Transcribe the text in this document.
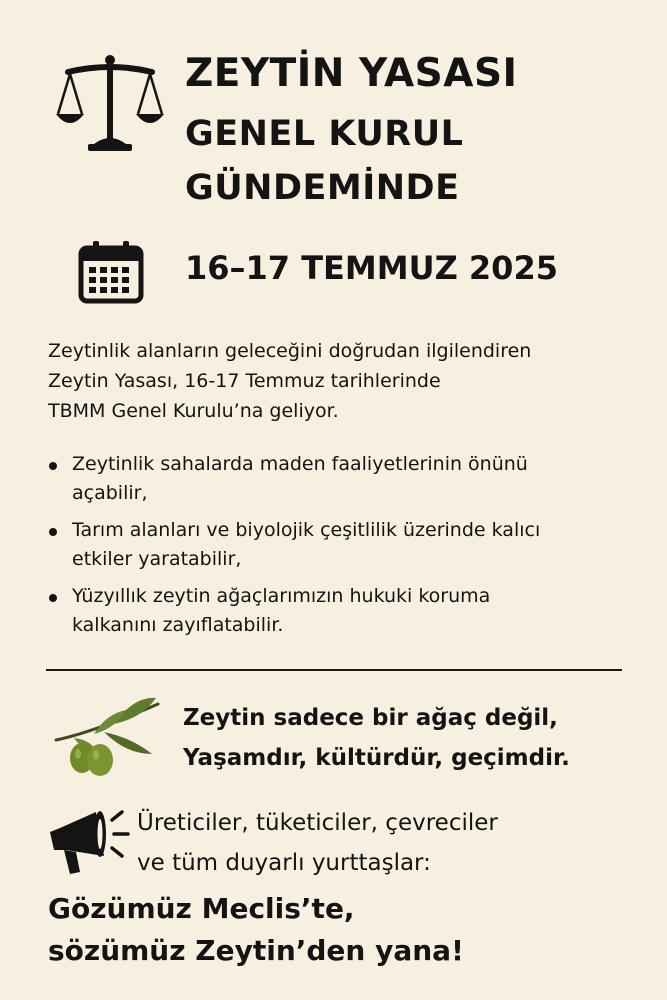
ZEYTİN YASASI
GENEL KURUL
GÜNDEMİNDE
16–17 TEMMUZ 2025
Zeytinlik alanların geleceğini doğrudan ilgilendiren
Zeytin Yasası, 16-17 Temmuz tarihlerinde
TBMM Genel Kurulu’na geliyor.
Zeytinlik sahalarda maden faaliyetlerinin önünü
açabilir,
Tarım alanları ve biyolojik çeşitlilik üzerinde kalıcı
etkiler yaratabilir,
Yüzyıllık zeytin ağaçlarımızın hukuki koruma
kalkanını zayıflatabilir.
Zeytin sadece bir ağaç değil,
Yaşamdır, kültürdür, geçimdir.
Üreticiler, tüketiciler, çevreciler
ve tüm duyarlı yurttaşlar:
Gözümüz Meclis’te,
sözümüz Zeytin’den yana!
